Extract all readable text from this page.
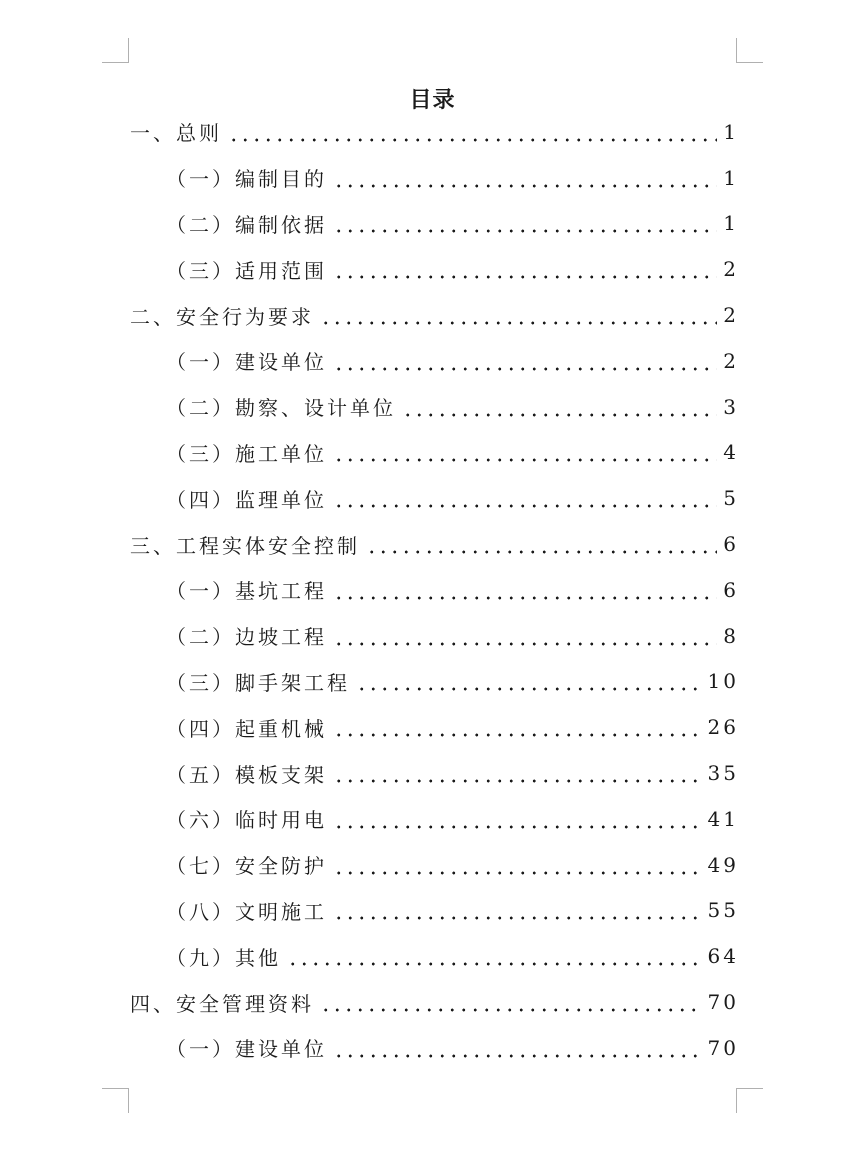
目录
一、总则	1
（一）编制目的	1
（二）编制依据	1
（三）适用范围	2
二、安全行为要求	2
（一）建设单位	2
（二）勘察、设计单位	3
（三）施工单位	4
（四）监理单位	5
三、工程实体安全控制	6
（一）基坑工程	6
（二）边坡工程	8
（三）脚手架工程	10
（四）起重机械	26
（五）模板支架	35
（六）临时用电	41
（七）安全防护	49
（八）文明施工	55
（九）其他	64
四、安全管理资料	70
（一）建设单位	70
